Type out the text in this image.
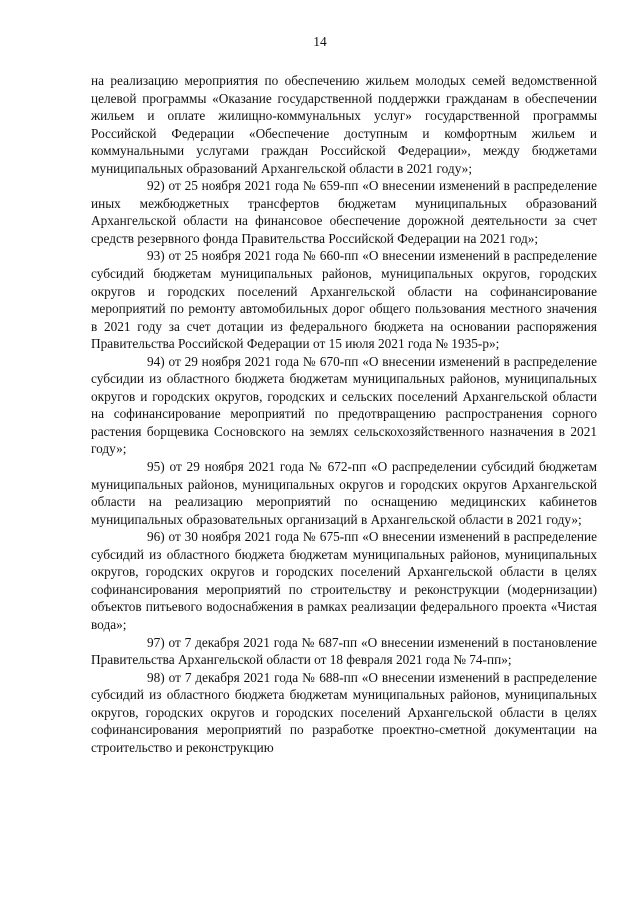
14

на реализацию мероприятия по обеспечению жильем молодых семей ведомственной целевой программы «Оказание государственной поддержки гражданам в обеспечении жильем и оплате жилищно-коммунальных услуг» государственной программы Российской Федерации «Обеспечение доступным и комфортным жильем и коммунальными услугами граждан Российской Федерации», между бюджетами муниципальных образований Архангельской области в 2021 году»;

92) от 25 ноября 2021 года № 659-пп «О внесении изменений в распределение иных межбюджетных трансфертов бюджетам муниципальных образований Архангельской области на финансовое обеспечение дорожной деятельности за счет средств резервного фонда Правительства Российской Федерации на 2021 год»;

93) от 25 ноября 2021 года № 660-пп «О внесении изменений в распределение субсидий бюджетам муниципальных районов, муниципальных округов, городских округов и городских поселений Архангельской области на софинансирование мероприятий по ремонту автомобильных дорог общего пользования местного значения в 2021 году за счет дотации из федерального бюджета на основании распоряжения Правительства Российской Федерации от 15 июля 2021 года № 1935-р»;

94) от 29 ноября 2021 года № 670-пп «О внесении изменений в распределение субсидии из областного бюджета бюджетам муниципальных районов, муниципальных округов и городских округов, городских и сельских поселений Архангельской области на софинансирование мероприятий по предотвращению распространения сорного растения борщевика Сосновского на землях сельскохозяйственного назначения в 2021 году»;

95) от 29 ноября 2021 года № 672-пп «О распределении субсидий бюджетам муниципальных районов, муниципальных округов и городских округов Архангельской области на реализацию мероприятий по оснащению медицинских кабинетов муниципальных образовательных организаций в Архангельской области в 2021 году»;

96) от 30 ноября 2021 года № 675-пп «О внесении изменений в распределение субсидий из областного бюджета бюджетам муниципальных районов, муниципальных округов, городских округов и городских поселений Архангельской области в целях софинансирования мероприятий по строительству и реконструкции (модернизации) объектов питьевого водоснабжения в рамках реализации федерального проекта «Чистая вода»;

97) от 7 декабря 2021 года № 687-пп «О внесении изменений в постановление Правительства Архангельской области от 18 февраля 2021 года № 74-пп»;

98) от 7 декабря 2021 года № 688-пп «О внесении изменений в распределение субсидий из областного бюджета бюджетам муниципальных районов, муниципальных округов, городских округов и городских поселений Архангельской области в целях софинансирования мероприятий по разработке проектно-сметной документации на строительство и реконструкцию
